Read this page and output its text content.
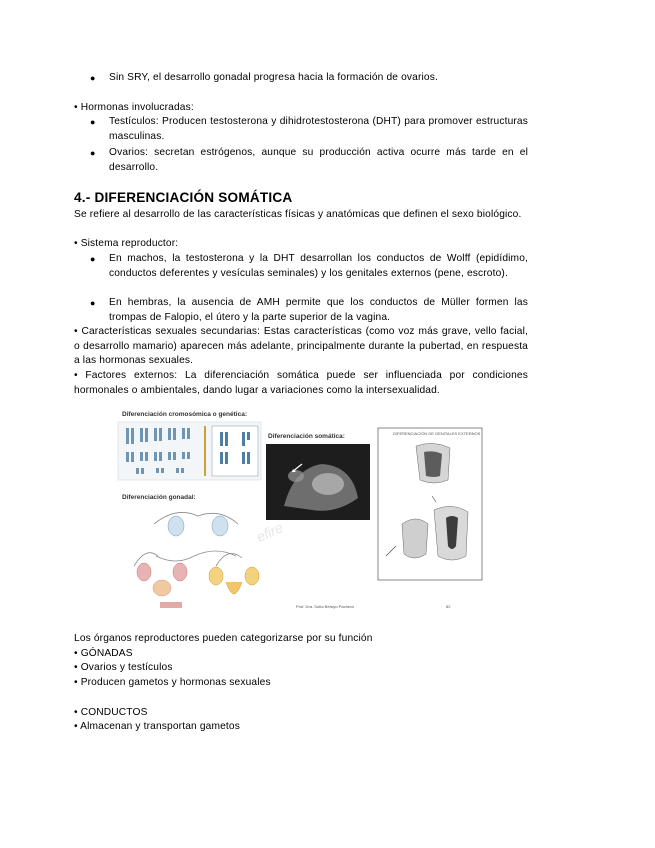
● Sin SRY, el desarrollo gonadal progresa hacia la formación de ovarios.
• Hormonas involucradas:
● Testículos: Producen testosterona y dihidrotestosterona (DHT) para promover estructuras masculinas.
● Ovarios: secretan estrógenos, aunque su producción activa ocurre más tarde en el desarrollo.
4.- DIFERENCIACIÓN SOMÁTICA
Se refiere al desarrollo de las características físicas y anatómicas que definen el sexo biológico.
• Sistema reproductor:
● En machos, la testosterona y la DHT desarrollan los conductos de Wolff (epidídimo, conductos deferentes y vesículas seminales) y los genitales externos (pene, escroto).
● En hembras, la ausencia de AMH permite que los conductos de Müller formen las trompas de Falopio, el útero y la parte superior de la vagina.
• Características sexuales secundarias: Estas características (como voz más grave, vello facial, o desarrollo mamario) aparecen más adelante, principalmente durante la pubertad, en respuesta a las hormonas sexuales.
• Factores externos: La diferenciación somática puede ser influenciada por condiciones hormonales o ambientales, dando lugar a variaciones como la intersexualidad.
Diferenciación cromosómica o genética:
Diferenciación somática:
Diferenciación gonadal:
DIFERENCIACIÓN DE GENITALES EXTERNOS
Prof. Dra. Sofía Belsiyo Pacheco	82
efire
Los órganos reproductores pueden categorizarse por su función
• GÓNADAS
• Ovarios y testículos
• Producen gametos y hormonas sexuales
• CONDUCTOS
• Almacenan y transportan gametos
